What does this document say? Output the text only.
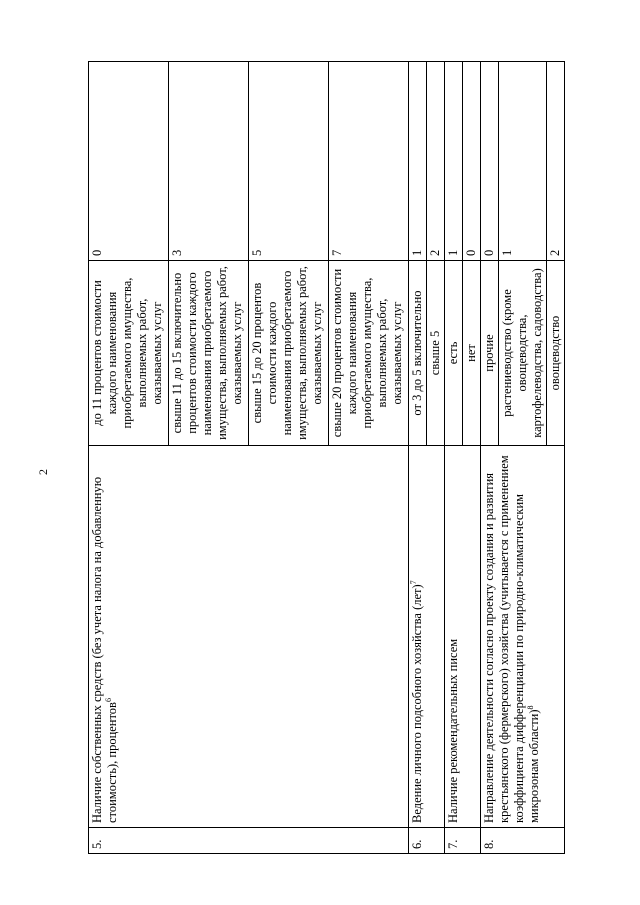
2
5.	Наличие собственных средств (без учета налога на добавленную стоимость), процентов$^6$	до 11 процентов стоимости каждого наименования приобретаемого имущества, выполняемых работ, оказываемых услуг	0
		свыше 11 до 15 включительно процентов стоимости каждого наименования приобретаемого имущества, выполняемых работ, оказываемых услуг	3
		свыше 15 до 20 процентов стоимости каждого наименования приобретаемого имущества, выполняемых работ, оказываемых услуг	5
		свыше 20 процентов стоимости каждого наименования приобретаемого имущества, выполняемых работ, оказываемых услуг	7
6.	Ведение личного подсобного хозяйства (лет)$^7$	от 3 до 5 включительно	1
		свыше 5	2
7.	Наличие рекомендательных писем	есть	1
		нет	0
8.	Направление деятельности согласно проекту создания и развития крестьянского (фермерского) хозяйства (учитывается с применением коэффициента дифференциации по природно-климатическим микрозонам области)$^8$	прочие	0
		растениеводство (кроме овощеводства, картофелеводства, садоводства)	1
		овощеводство	2
